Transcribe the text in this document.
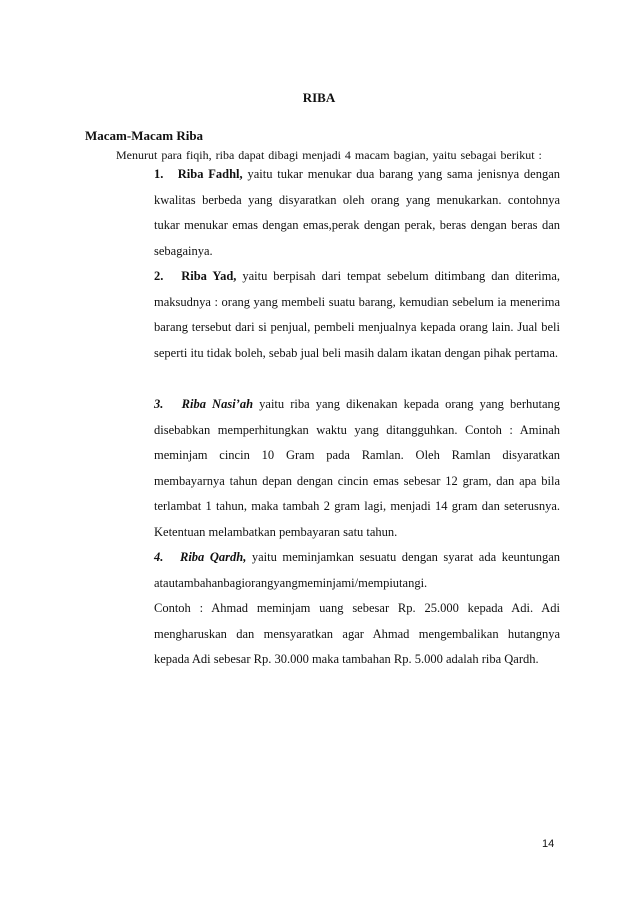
RIBA
Macam-Macam Riba
Menurut para fiqih, riba dapat dibagi menjadi 4 macam bagian, yaitu sebagai berikut :

1. Riba Fadhl, yaitu tukar menukar dua barang yang sama jenisnya dengan kwalitas berbeda yang disyaratkan oleh orang yang menukarkan. contohnya tukar menukar emas dengan emas,perak dengan perak, beras dengan beras dan sebagainya.

2. Riba Yad, yaitu berpisah dari tempat sebelum ditimbang dan diterima, maksudnya : orang yang membeli suatu barang, kemudian sebelum ia menerima barang tersebut dari si penjual, pembeli menjualnya kepada orang lain. Jual beli seperti itu tidak boleh, sebab jual beli masih dalam ikatan dengan pihak pertama.

3. Riba Nasi’ah yaitu riba yang dikenakan kepada orang yang berhutang disebabkan memperhitungkan waktu yang ditangguhkan. Contoh : Aminah meminjam cincin 10 Gram pada Ramlan. Oleh Ramlan disyaratkan membayarnya tahun depan dengan cincin emas sebesar 12 gram, dan apa bila terlambat 1 tahun, maka tambah 2 gram lagi, menjadi 14 gram dan seterusnya. Ketentuan melambatkan pembayaran satu tahun.

4. Riba Qardh, yaitu meminjamkan sesuatu dengan syarat ada keuntungan atautambahanbagiorangyangmeminjami/mempiutangi.

Contoh : Ahmad meminjam uang sebesar Rp. 25.000 kepada Adi. Adi mengharuskan dan mensyaratkan agar Ahmad mengembalikan hutangnya kepada Adi sebesar Rp. 30.000 maka tambahan Rp. 5.000 adalah riba Qardh.

14
